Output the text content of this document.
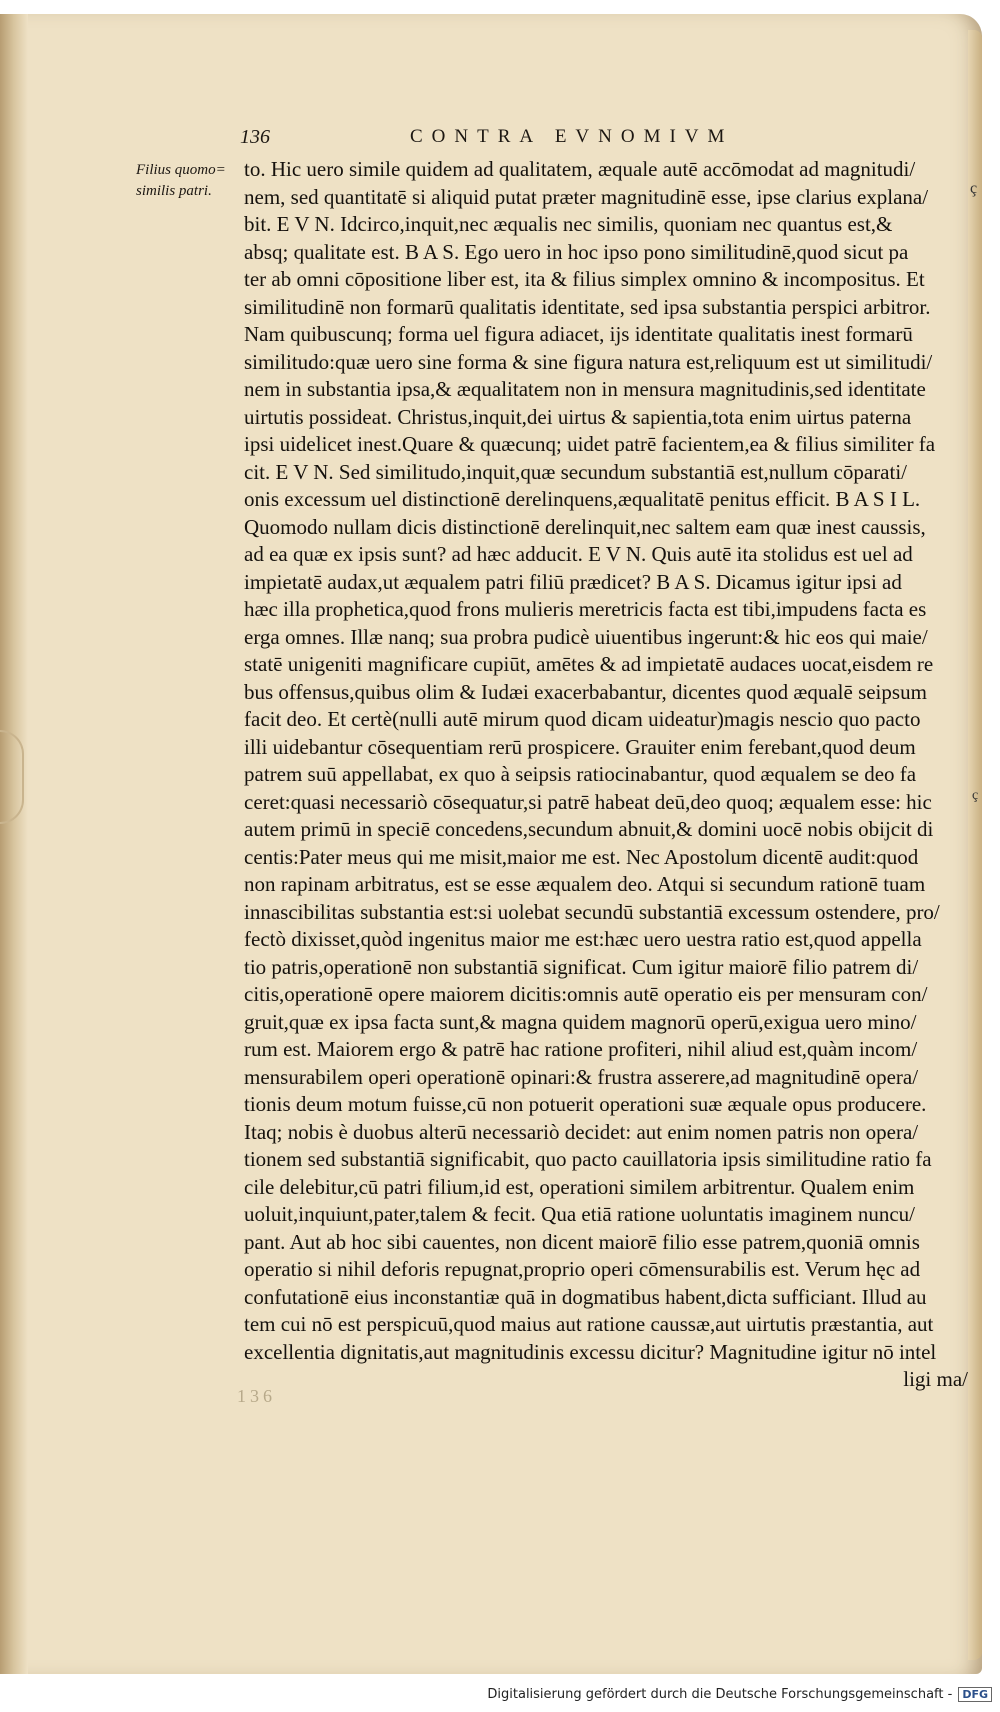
136	CONTRA EVNOMIVM
Filius quomo=
similis patri.	ç
ç
to. Hic uero simile quidem ad qualitatem, æquale autē accōmodat ad magnitudi/
nem, sed quantitatē si aliquid putat præter magnitudinē esse, ipse clarius explana/
bit. E V N. Idcirco,inquit,nec æqualis nec similis, quoniam nec quantus est,&
absq; qualitate est. B A S. Ego uero in hoc ipso pono similitudinē,quod sicut pa
ter ab omni cōpositione liber est, ita & filius simplex omnino & incompositus. Et
similitudinē non formarū qualitatis identitate, sed ipsa substantia perspici arbitror.
Nam quibuscunq; forma uel figura adiacet, ijs identitate qualitatis inest formarū
similitudo:quæ uero sine forma & sine figura natura est,reliquum est ut similitudi/
nem in substantia ipsa,& æqualitatem non in mensura magnitudinis,sed identitate
uirtutis possideat. Christus,inquit,dei uirtus & sapientia,tota enim uirtus paterna
ipsi uidelicet inest.Quare & quæcunq; uidet patrē facientem,ea & filius similiter fa
cit. E V N. Sed similitudo,inquit,quæ secundum substantiā est,nullum cōparati/
onis excessum uel distinctionē derelinquens,æqualitatē penitus efficit. B A S I L.
Quomodo nullam dicis distinctionē derelinquit,nec saltem eam quæ inest caussis,
ad ea quæ ex ipsis sunt? ad hæc adducit. E V N. Quis autē ita stolidus est uel ad
impietatē audax,ut æqualem patri filiū prædicet? B A S. Dicamus igitur ipsi ad
hæc illa prophetica,quod frons mulieris meretricis facta est tibi,impudens facta es
erga omnes. Illæ nanq; sua probra pudicè uiuentibus ingerunt:& hic eos qui maie/
statē unigeniti magnificare cupiūt, amētes & ad impietatē audaces uocat,eisdem re
bus offensus,quibus olim & Iudæi exacerbabantur, dicentes quod æqualē seipsum
facit deo. Et certè(nulli autē mirum quod dicam uideatur)magis nescio quo pacto
illi uidebantur cōsequentiam rerū prospicere. Grauiter enim ferebant,quod deum
patrem suū appellabat, ex quo à seipsis ratiocinabantur, quod æqualem se deo fa
ceret:quasi necessariò cōsequatur,si patrē habeat deū,deo quoq; æqualem esse: hic
autem primū in speciē concedens,secundum abnuit,& domini uocē nobis obijcit di
centis:Pater meus qui me misit,maior me est. Nec Apostolum dicentē audit:quod
non rapinam arbitratus, est se esse æqualem deo. Atqui si secundum rationē tuam
innascibilitas substantia est:si uolebat secundū substantiā excessum ostendere, pro/
fectò dixisset,quòd ingenitus maior me est:hæc uero uestra ratio est,quod appella
tio patris,operationē non substantiā significat. Cum igitur maiorē filio patrem di/
citis,operationē opere maiorem dicitis:omnis autē operatio eis per mensuram con/
gruit,quæ ex ipsa facta sunt,& magna quidem magnorū operū,exigua uero mino/
rum est. Maiorem ergo & patrē hac ratione profiteri, nihil aliud est,quàm incom/
mensurabilem operi operationē opinari:& frustra asserere,ad magnitudinē opera/
tionis deum motum fuisse,cū non potuerit operationi suæ æquale opus producere.
Itaq; nobis è duobus alterū necessariò decidet: aut enim nomen patris non opera/
tionem sed substantiā significabit, quo pacto cauillatoria ipsis similitudine ratio fa
cile delebitur,cū patri filium,id est, operationi similem arbitrentur. Qualem enim
uoluit,inquiunt,pater,talem & fecit. Qua etiā ratione uoluntatis imaginem nuncu/
pant. Aut ab hoc sibi cauentes, non dicent maiorē filio esse patrem,quoniā omnis
operatio si nihil deforis repugnat,proprio operi cōmensurabilis est. Verum hęc ad
confutationē eius inconstantiæ quā in dogmatibus habent,dicta sufficiant. Illud au
tem cui nō est perspicuū,quod maius aut ratione caussæ,aut uirtutis præstantia, aut
excellentia dignitatis,aut magnitudinis excessu dicitur? Magnitudine igitur nō intel
ligi ma/
136
Digitalisierung gefördert durch die Deutsche Forschungsgemeinschaft - DFG
